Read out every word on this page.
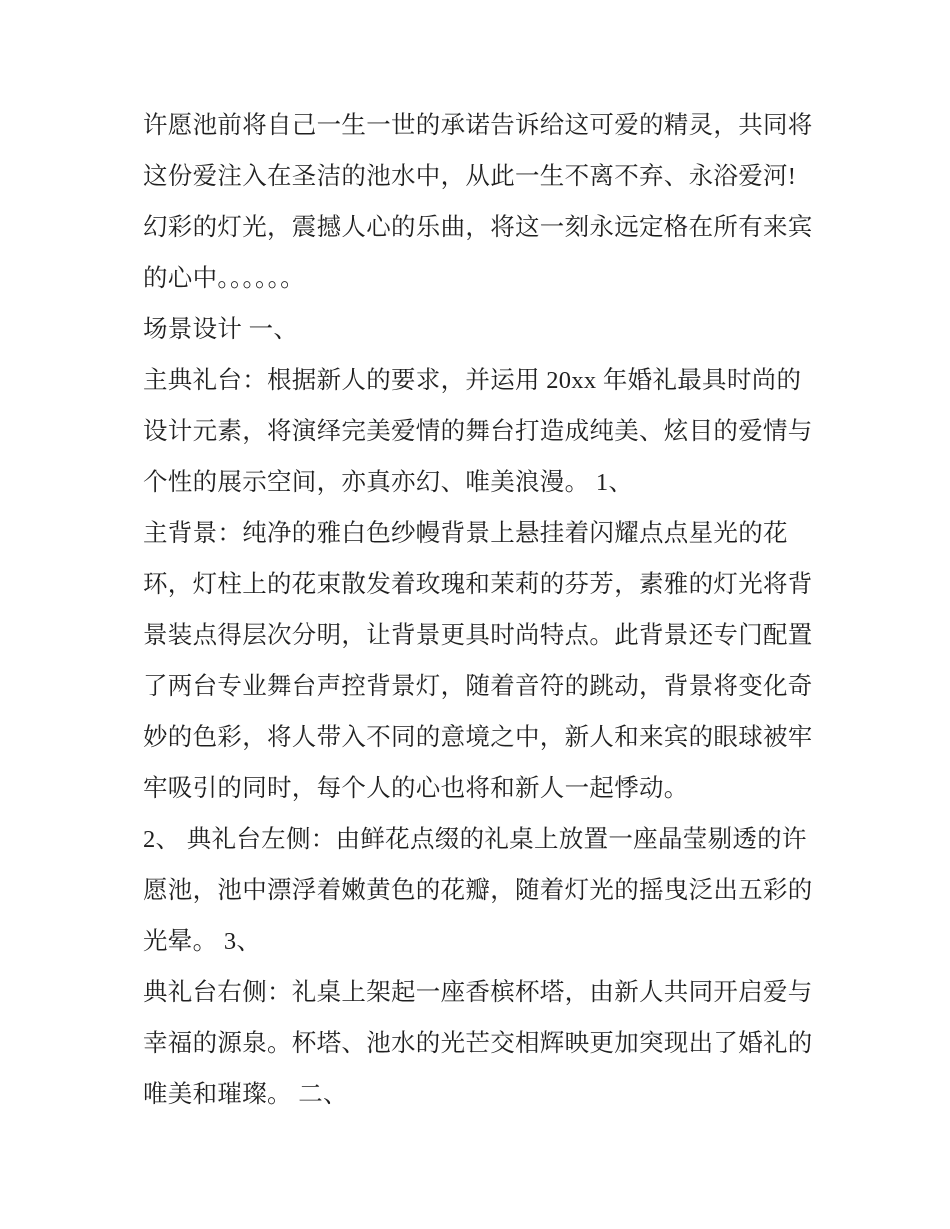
许愿池前将自己一生一世的承诺告诉给这可爱的精灵，共同将
这份爱注入在圣洁的池水中，从此一生不离不弃、永浴爱河!
幻彩的灯光，震撼人心的乐曲，将这一刻永远定格在所有来宾
的心中。。。。。。
场景设计 一、
主典礼台：根据新人的要求，并运用 20xx 年婚礼最具时尚的
设计元素，将演绎完美爱情的舞台打造成纯美、炫目的爱情与
个性的展示空间，亦真亦幻、唯美浪漫。 1、
主背景：纯净的雅白色纱幔背景上悬挂着闪耀点点星光的花
环，灯柱上的花束散发着玫瑰和茉莉的芬芳，素雅的灯光将背
景装点得层次分明，让背景更具时尚特点。此背景还专门配置
了两台专业舞台声控背景灯，随着音符的跳动，背景将变化奇
妙的色彩，将人带入不同的意境之中，新人和来宾的眼球被牢
牢吸引的同时，每个人的心也将和新人一起悸动。
2、 典礼台左侧：由鲜花点缀的礼桌上放置一座晶莹剔透的许
愿池，池中漂浮着嫩黄色的花瓣，随着灯光的摇曳泛出五彩的
光晕。 3、
典礼台右侧：礼桌上架起一座香槟杯塔，由新人共同开启爱与
幸福的源泉。杯塔、池水的光芒交相辉映更加突现出了婚礼的
唯美和璀璨。 二、
